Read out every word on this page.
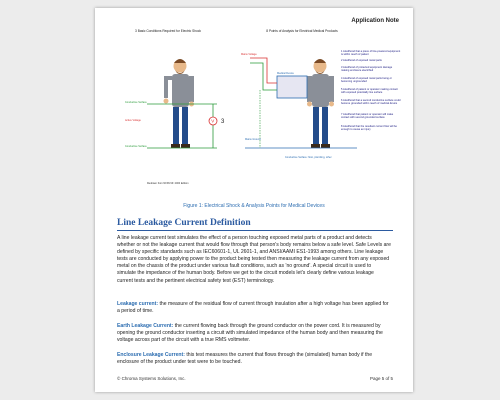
Application Note
3 Basic Conditions Required for Electric Shock	8 Points of Analysis for Electrical Medical Products
V 3
Conductive Surface
Active Voltage
Conductive Surface
Redrawn from NFPA 99: 2000 Edition
Mains Voltage
Medical Device
Mains Ground
Conductive Surface: floor, plumbing, other
1 Likelihood that a piece of line-powered equipment is within reach of patient
2 Likelihood of exposed metal parts
3 Likelihood of protected equipment damage making enclosure electrified
4 Likelihood of exposed metal parts being or becoming ungrounded
5 Likelihood of patient or operator making contact with exposed potentially live surface
6 Likelihood that a second conductive surface could become grounded within reach of medical device
7 Likelihood that patient or operator will make contact with second grounded surface
8 Likelihood that the resultant current flow will be enough to cause an injury
Figure 1: Electrical Shock & Analysis Points for Medical Devices
Line Leakage Current Definition

A line leakage current test simulates the effect of a person touching exposed metal parts of a product and detects whether or not the leakage current that would flow through that person's body remains below a safe level. Safe Levels are defined by specific standards such as IEC60601-1, UL 2601-1, and ANSI/AAMI ES1-1993 among others. Line leakage tests are conducted by applying power to the product being tested then measuring the leakage current from any exposed metal on the chassis of the product under various fault conditions, such as 'no ground'. A special circuit is used to simulate the impedance of the human body. Before we get to the circuit models let's clearly define various leakage current tests and the pertinent electrical safety test (EST) terminology.

Leakage current: the measure of the residual flow of current through insulation after a high voltage has been applied for a period of time.

Earth Leakage Current: the current flowing back through the ground conductor on the power cord. It is measured by opening the ground conductor inserting a circuit with simulated impedance of the human body and then measuring the voltage across part of the circuit with a true RMS voltmeter.

Enclosure Leakage Current: this test measures the current that flows through the (simulated) human body if the enclosure of the product under test were to be touched.

© Chroma Systems Solutions, Inc.	Page 5 of 5
